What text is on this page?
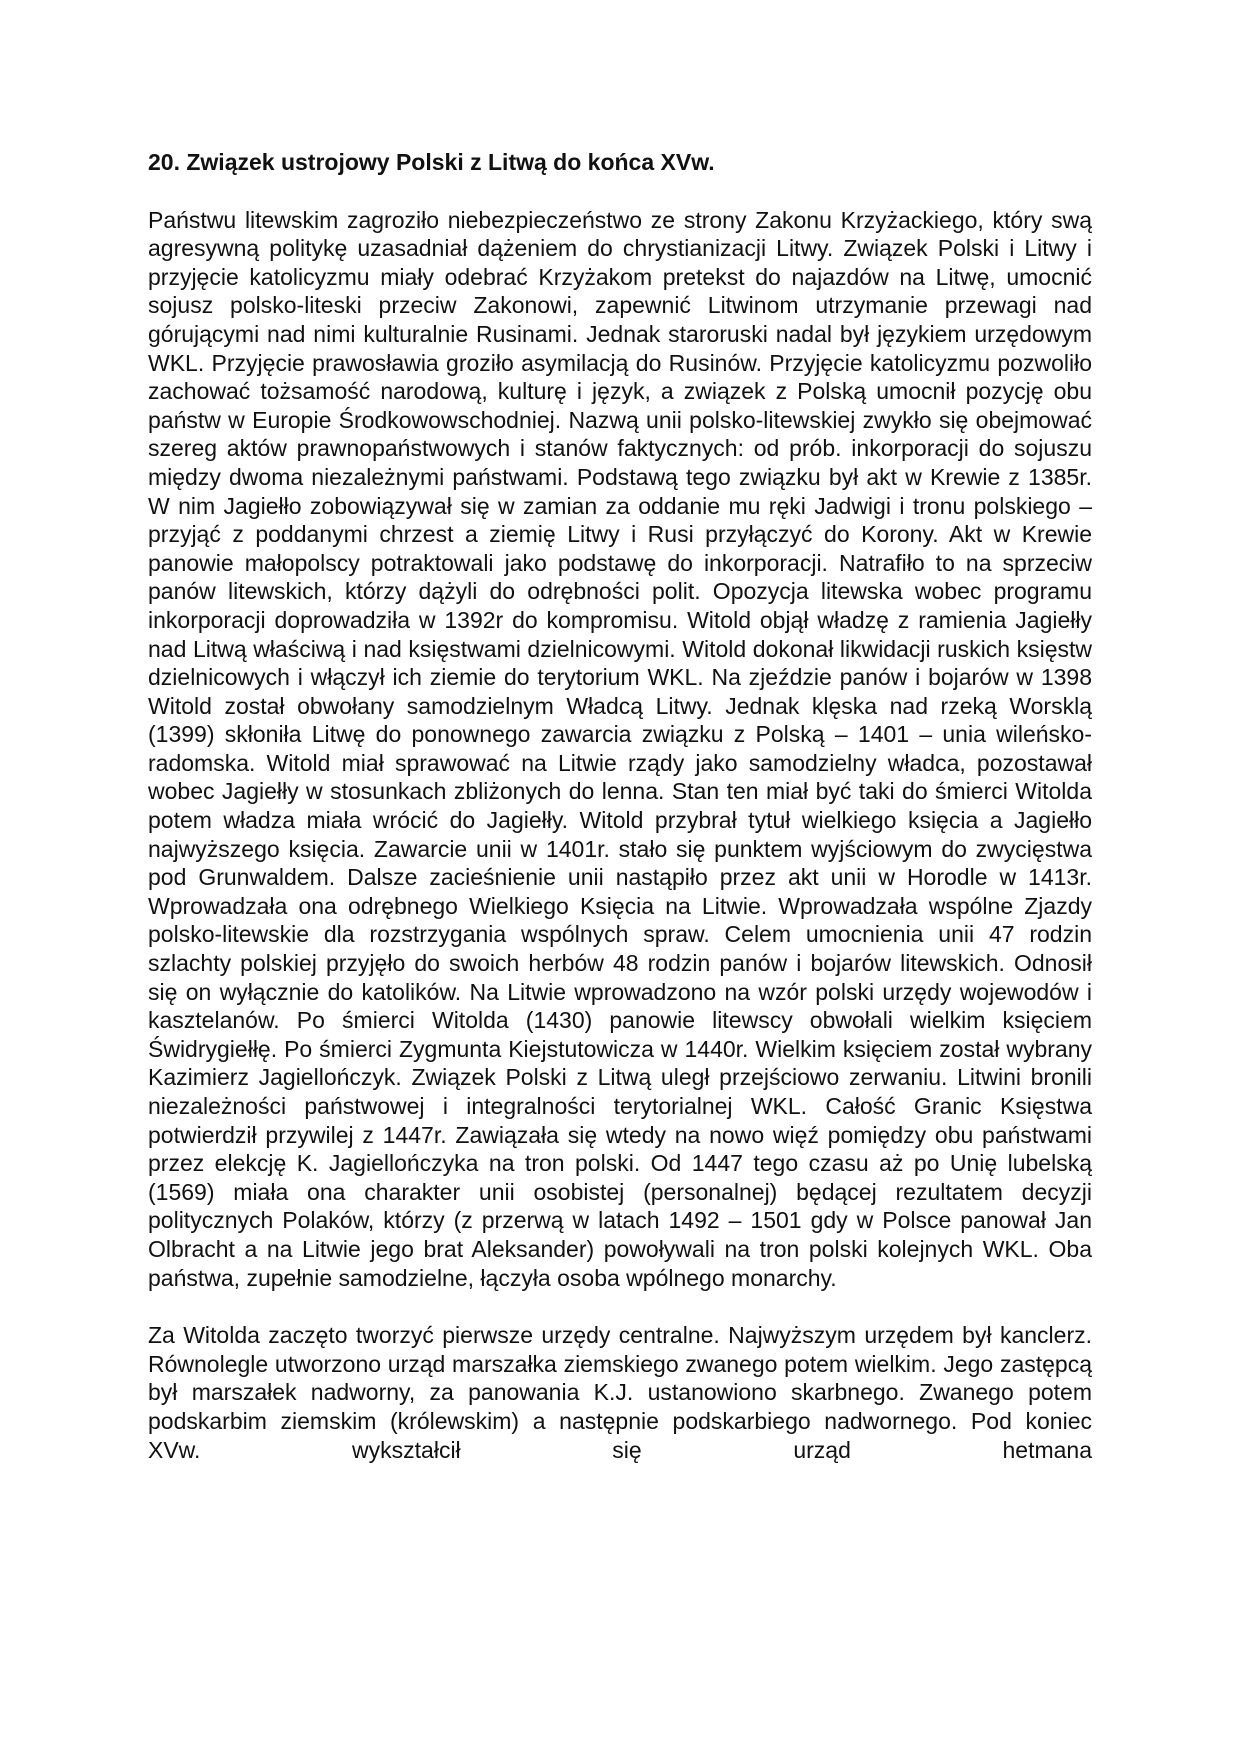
20. Związek ustrojowy Polski z Litwą do końca XVw.

Państwu litewskim zagroziło niebezpieczeństwo ze strony Zakonu Krzyżackiego, który swą agresywną politykę uzasadniał dążeniem do chrystianizacji Litwy. Związek Polski i Litwy i przyjęcie katolicyzmu miały odebrać Krzyżakom pretekst do najazdów na Litwę, umocnić sojusz polsko-liteski przeciw Zakonowi, zapewnić Litwinom utrzymanie przewagi nad górującymi nad nimi kulturalnie Rusinami. Jednak staroruski nadal był językiem urzędowym WKL. Przyjęcie prawosławia groziło asymilacją do Rusinów. Przyjęcie katolicyzmu pozwoliło zachować tożsamość narodową, kulturę i język, a związek z Polską umocnił pozycję obu państw w Europie Środkowowschodniej. Nazwą unii polsko-litewskiej zwykło się obejmować szereg aktów prawnopaństwowych i stanów faktycznych: od prób. inkorporacji do sojuszu między dwoma niezależnymi państwami. Podstawą tego związku był akt w Krewie z 1385r. W nim Jagiełło zobowiązywał się w zamian za oddanie mu ręki Jadwigi i tronu polskiego – przyjąć z poddanymi chrzest a ziemię Litwy i Rusi przyłączyć do Korony. Akt w Krewie panowie małopolscy potraktowali jako podstawę do inkorporacji. Natrafiło to na sprzeciw panów litewskich, którzy dążyli do odrębności polit. Opozycja litewska wobec programu inkorporacji doprowadziła w 1392r do kompromisu. Witold objął władzę z ramienia Jagiełły nad Litwą właściwą i nad księstwami dzielnicowymi. Witold dokonał likwidacji ruskich księstw dzielnicowych i włączył ich ziemie do terytorium WKL. Na zjeździe panów i bojarów w 1398 Witold został obwołany samodzielnym Władcą Litwy. Jednak klęska nad rzeką Worsklą (1399) skłoniła Litwę do ponownego zawarcia związku z Polską – 1401 – unia wileńsko-radomska. Witold miał sprawować na Litwie rządy jako samodzielny władca, pozostawał wobec Jagiełły w stosunkach zbliżonych do lenna. Stan ten miał być taki do śmierci Witolda potem władza miała wrócić do Jagiełły. Witold przybrał tytuł wielkiego księcia a Jagiełło najwyższego księcia. Zawarcie unii w 1401r. stało się punktem wyjściowym do zwycięstwa pod Grunwaldem. Dalsze zacieśnienie unii nastąpiło przez akt unii w Horodle w 1413r. Wprowadzała ona odrębnego Wielkiego Księcia na Litwie. Wprowadzała wspólne Zjazdy polsko-litewskie dla rozstrzygania wspólnych spraw. Celem umocnienia unii 47 rodzin szlachty polskiej przyjęło do swoich herbów 48 rodzin panów i bojarów litewskich. Odnosił się on wyłącznie do katolików. Na Litwie wprowadzono na wzór polski urzędy wojewodów i kasztelanów. Po śmierci Witolda (1430) panowie litewscy obwołali wielkim księciem Świdrygiełłę. Po śmierci Zygmunta Kiejstutowicza w 1440r. Wielkim księciem został wybrany Kazimierz Jagiellończyk. Związek Polski z Litwą uległ przejściowo zerwaniu. Litwini bronili niezależności państwowej i integralności terytorialnej WKL. Całość Granic Księstwa potwierdził przywilej z 1447r. Zawiązała się wtedy na nowo więź pomiędzy obu państwami przez elekcję K. Jagiellończyka na tron polski. Od 1447 tego czasu aż po Unię lubelską (1569) miała ona charakter unii osobistej (personalnej) będącej rezultatem decyzji politycznych Polaków, którzy (z przerwą w latach 1492 – 1501 gdy w Polsce panował Jan Olbracht a na Litwie jego brat Aleksander) powoływali na tron polski kolejnych WKL. Oba państwa, zupełnie samodzielne, łączyła osoba wpólnego monarchy.

Za Witolda zaczęto tworzyć pierwsze urzędy centralne. Najwyższym urzędem był kanclerz. Równolegle utworzono urząd marszałka ziemskiego zwanego potem wielkim. Jego zastępcą był marszałek nadworny, za panowania K.J. ustanowiono skarbnego. Zwanego potem podskarbim ziemskim (królewskim) a następnie podskarbiego nadwornego. Pod koniec XVw. wykształcił się urząd hetmana
